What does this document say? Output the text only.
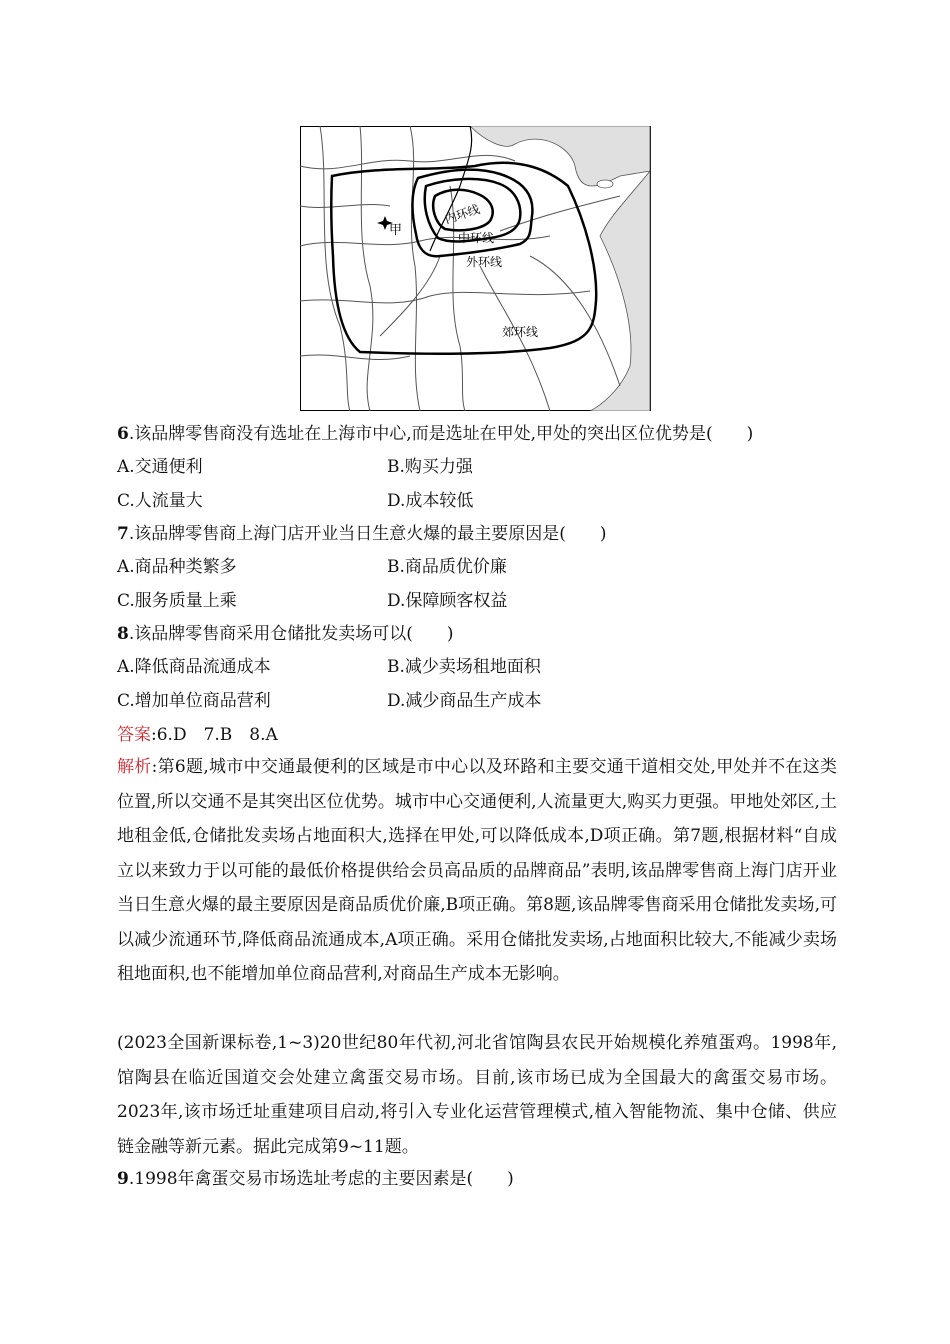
甲
内环线
中环线
外环线
郊环线
6.该品牌零售商没有选址在上海市中心,而是选址在甲处,甲处的突出区位优势是(　　)
A.交通便利	B.购买力强
C.人流量大	D.成本较低
7.该品牌零售商上海门店开业当日生意火爆的最主要原因是(　　)
A.商品种类繁多	B.商品质优价廉
C.服务质量上乘	D.保障顾客权益
8.该品牌零售商采用仓储批发卖场可以(　　)
A.降低商品流通成本	B.减少卖场租地面积
C.增加单位商品营利	D.减少商品生产成本
答案:6.D　7.B　8.A
解析:第6题,城市中交通最便利的区域是市中心以及环路和主要交通干道相交处,甲处并不在这类位置,所以交通不是其突出区位优势。城市中心交通便利,人流量更大,购买力更强。甲地处郊区,土地租金低,仓储批发卖场占地面积大,选择在甲处,可以降低成本,D项正确。第7题,根据材料“自成立以来致力于以可能的最低价格提供给会员高品质的品牌商品”表明,该品牌零售商上海门店开业当日生意火爆的最主要原因是商品质优价廉,B项正确。第8题,该品牌零售商采用仓储批发卖场,可以减少流通环节,降低商品流通成本,A项正确。采用仓储批发卖场,占地面积比较大,不能减少卖场租地面积,也不能增加单位商品营利,对商品生产成本无影响。
(2023全国新课标卷,1~3)20世纪80年代初,河北省馆陶县农民开始规模化养殖蛋鸡。1998年,馆陶县在临近国道交会处建立禽蛋交易市场。目前,该市场已成为全国最大的禽蛋交易市场。2023年,该市场迁址重建项目启动,将引入专业化运营管理模式,植入智能物流、集中仓储、供应链金融等新元素。据此完成第9~11题。
9.1998年禽蛋交易市场选址考虑的主要因素是(　　)
